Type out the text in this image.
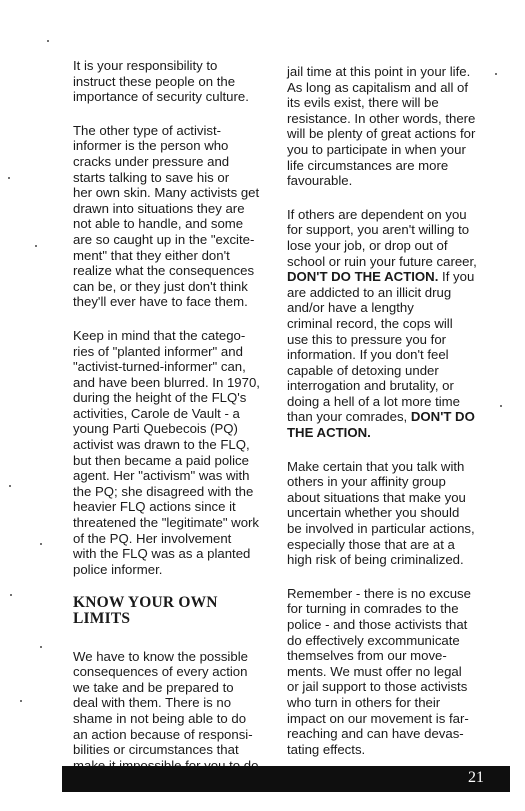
It is your responsibility to
instruct these people on the
importance of security culture.

The other type of activist-
informer is the person who
cracks under pressure and
starts talking to save his or
her own skin. Many activists get
drawn into situations they are
not able to handle, and some
are so caught up in the "excite-
ment" that they either don't
realize what the consequences
can be, or they just don't think
they'll ever have to face them.

Keep in mind that the catego-
ries of "planted informer" and
"activist-turned-informer" can,
and have been blurred. In 1970,
during the height of the FLQ's
activities, Carole de Vault - a
young Parti Quebecois (PQ)
activist was drawn to the FLQ,
but then became a paid police
agent. Her "activism" was with
the PQ; she disagreed with the
heavier FLQ actions since it
threatened the "legitimate" work
of the PQ. Her involvement
with the FLQ was as a planted
police informer.

KNOW YOUR OWN LIMITS

We have to know the possible
consequences of every action
we take and be prepared to
deal with them. There is no
shame in not being able to do
an action because of responsi-
bilities or circumstances that

jail time at this point in your life.
As long as capitalism and all of
its evils exist, there will be
resistance. In other words, there
will be plenty of great actions for
you to participate in when your
life circumstances are more
favourable.

If others are dependent on you
for support, you aren't willing to
lose your job, or drop out of
school or ruin your future career,
DON'T DO THE ACTION. If you
are addicted to an illicit drug
and/or have a lengthy
criminal record, the cops will
use this to pressure you for
information. If you don't feel
capable of detoxing under
interrogation and brutality, or
doing a hell of a lot more time
than your comrades, DON'T DO
THE ACTION.

Make certain that you talk with
others in your affinity group
about situations that make you
uncertain whether you should
be involved in particular actions,
especially those that are at a
high risk of being criminalized.

Remember - there is no excuse
for turning in comrades to the
police - and those activists that
do effectively excommunicate
themselves from our move-
ments. We must offer no legal
or jail support to those activists
who turn in others for their
impact on our movement is far-
reaching and can have devas-
tating effects.

21
